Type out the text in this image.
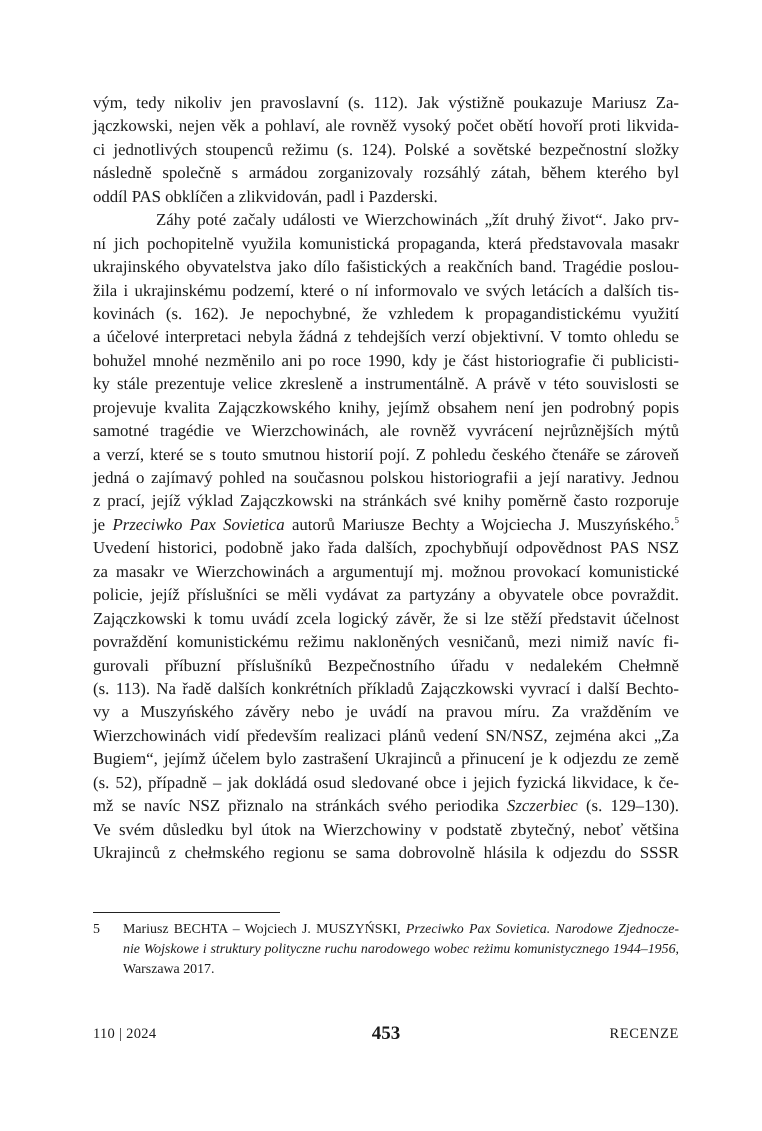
vým, tedy nikoliv jen pravoslavní (s. 112). Jak výstižně poukazuje Mariusz Za-
jączkowski, nejen věk a pohlaví, ale rovněž vysoký počet obětí hovoří proti likvida-
ci jednotlivých stoupenců režimu (s. 124). Polské a sovětské bezpečnostní složky
následně společně s armádou zorganizovaly rozsáhlý zátah, během kterého byl
oddíl PAS obklíčen a zlikvidován, padl i Pazderski.
Záhy poté začaly události ve Wierzchowinách „žít druhý život“. Jako prv-
ní jich pochopitelně využila komunistická propaganda, která představovala masakr
ukrajinského obyvatelstva jako dílo fašistických a reakčních band. Tragédie poslou-
žila i ukrajinskému podzemí, které o ní informovalo ve svých letácích a dalších tis-
kovinách (s. 162). Je nepochybné, že vzhledem k propagandistickému využití
a účelové interpretaci nebyla žádná z tehdejších verzí objektivní. V tomto ohledu se
bohužel mnohé nezměnilo ani po roce 1990, kdy je část historiografie či publicisti-
ky stále prezentuje velice zkresleně a instrumentálně. A právě v této souvislosti se
projevuje kvalita Zajączkowského knihy, jejímž obsahem není jen podrobný popis
samotné tragédie ve Wierzchowinách, ale rovněž vyvrácení nejrůznějších mýtů
a verzí, které se s touto smutnou historií pojí. Z pohledu českého čtenáře se zároveň
jedná o zajímavý pohled na současnou polskou historiografii a její narativy. Jednou
z prací, jejíž výklad Zajączkowski na stránkách své knihy poměrně často rozporuje
je Przeciwko Pax Sovietica autorů Mariusze Bechty a Wojciecha J. Muszyńského.$^5$
Uvedení historici, podobně jako řada dalších, zpochybňují odpovědnost PAS NSZ
za masakr ve Wierzchowinách a argumentují mj. možnou provokací komunistické
policie, jejíž příslušníci se měli vydávat za partyzány a obyvatele obce povraždit.
Zajączkowski k tomu uvádí zcela logický závěr, že si lze stěží představit účelnost
povraždění komunistickému režimu nakloněných vesničanů, mezi nimiž navíc fi-
gurovali příbuzní příslušníků Bezpečnostního úřadu v nedalekém Chełmně
(s. 113). Na řadě dalších konkrétních příkladů Zajączkowski vyvrací i další Bechto-
vy a Muszyńského závěry nebo je uvádí na pravou míru. Za vražděním ve
Wierzchowinách vidí především realizaci plánů vedení SN/NSZ, zejména akci „Za
Bugiem“, jejímž účelem bylo zastrašení Ukrajinců a přinucení je k odjezdu ze země
(s. 52), případně – jak dokládá osud sledované obce i jejich fyzická likvidace, k če-
mž se navíc NSZ přiznalo na stránkách svého periodika Szczerbiec (s. 129–130).
Ve svém důsledku byl útok na Wierzchowiny v podstatě zbytečný, neboť většina
Ukrajinců z chełmského regionu se sama dobrovolně hlásila k odjezdu do SSSR
5 Mariusz BECHTA – Wojciech J. MUSZYŃSKI, Przeciwko Pax Sovietica. Narodowe Zjednocze-
nie Wojskowe i struktury polityczne ruchu narodowego wobec reżimu komunistycznego 1944–1956,
Warszawa 2017.
110 | 2024	453	RECENZE
